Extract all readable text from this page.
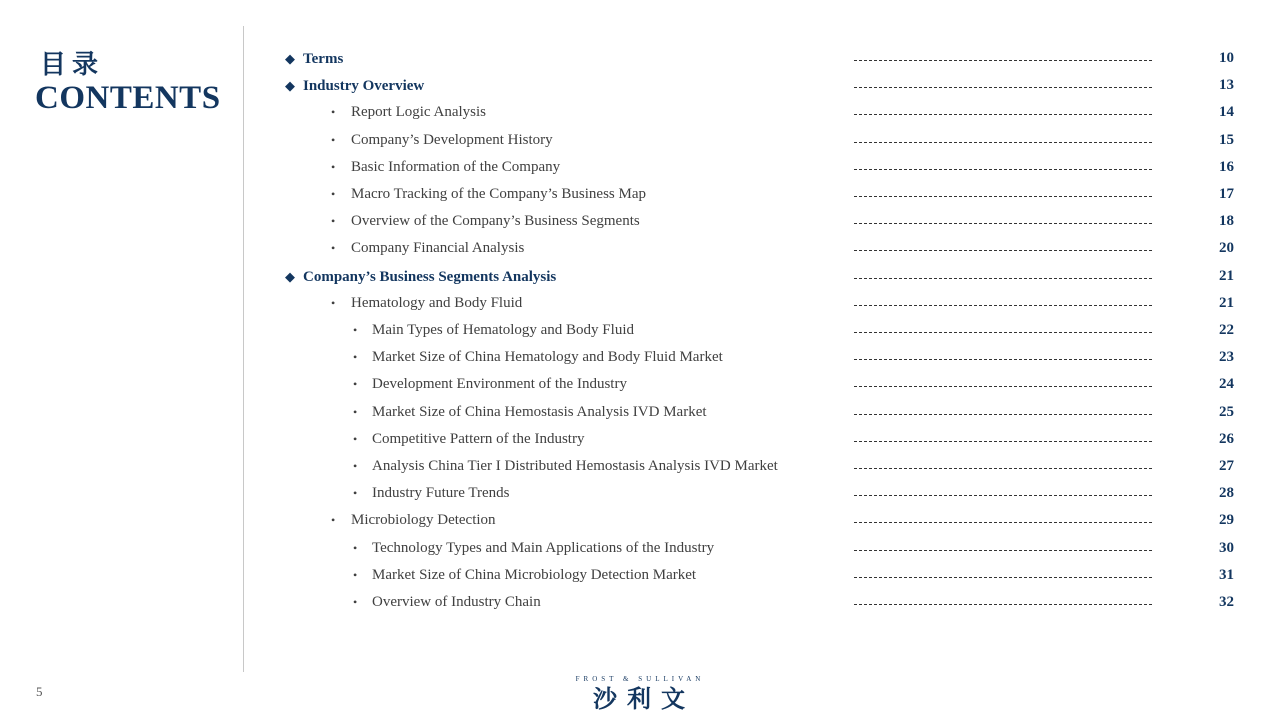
目录
CONTENTS
◆ Terms	10
◆ Industry Overview	13
• Report Logic Analysis	14
• Company’s Development History	15
• Basic Information of the Company	16
• Macro Tracking of the Company’s Business Map	17
• Overview of the Company’s Business Segments	18
• Company Financial Analysis	20
◆ Company’s Business Segments Analysis	21
• Hematology and Body Fluid	21
• Main Types of Hematology and Body Fluid	22
• Market Size of China Hematology and Body Fluid Market	23
• Development Environment of the Industry	24
• Market Size of China Hemostasis Analysis IVD Market	25
• Competitive Pattern of the Industry	26
• Analysis China Tier I Distributed Hemostasis Analysis IVD Market	27
• Industry Future Trends	28
• Microbiology Detection	29
• Technology Types and Main Applications of the Industry	30
• Market Size of China Microbiology Detection Market	31
• Overview of Industry Chain	32
5
FROST & SULLIVAN
沙利文
